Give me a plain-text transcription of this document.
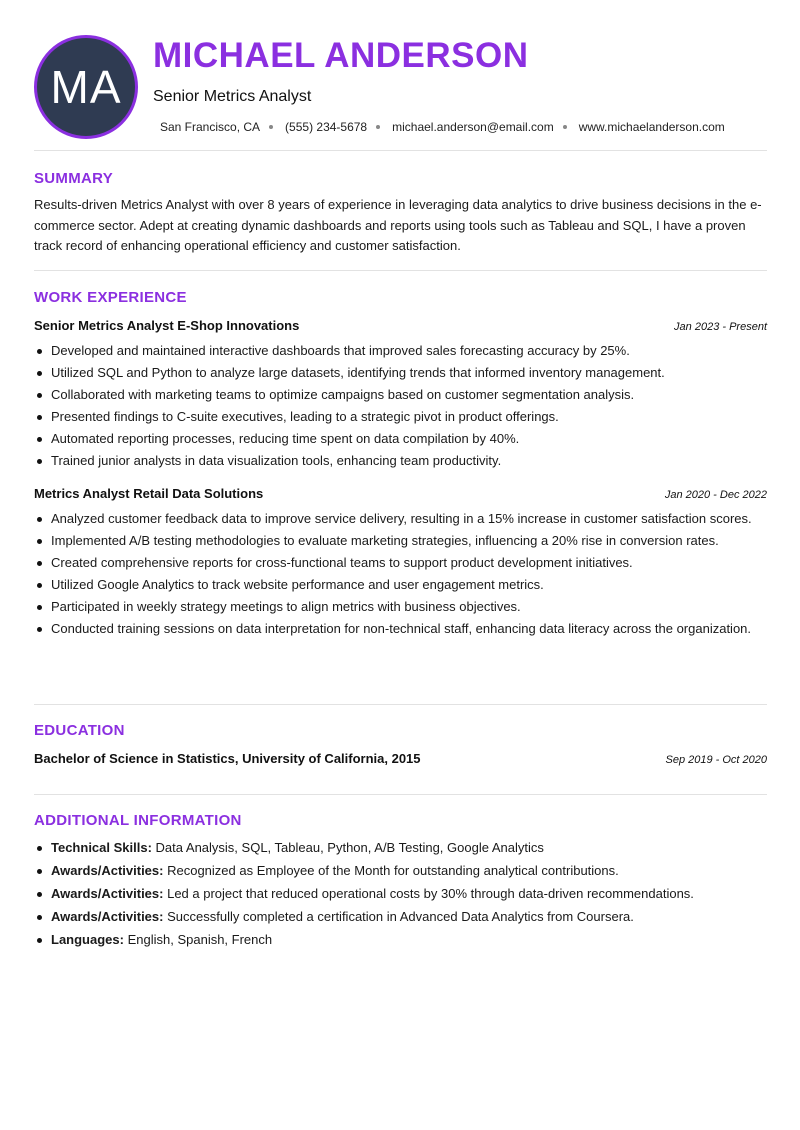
MA
MICHAEL ANDERSON
Senior Metrics Analyst
San Francisco, CA (555) 234-5678 michael.anderson@email.com www.michaelanderson.com
SUMMARY
Results-driven Metrics Analyst with over 8 years of experience in leveraging data analytics to drive business decisions in the e-commerce sector. Adept at creating dynamic dashboards and reports using tools such as Tableau and SQL, I have a proven track record of enhancing operational efficiency and customer satisfaction.
WORK EXPERIENCE
Senior Metrics Analyst E-Shop Innovations	Jan 2023 - Present
Developed and maintained interactive dashboards that improved sales forecasting accuracy by 25%.
Utilized SQL and Python to analyze large datasets, identifying trends that informed inventory management.
Collaborated with marketing teams to optimize campaigns based on customer segmentation analysis.
Presented findings to C-suite executives, leading to a strategic pivot in product offerings.
Automated reporting processes, reducing time spent on data compilation by 40%.
Trained junior analysts in data visualization tools, enhancing team productivity.
Metrics Analyst Retail Data Solutions	Jan 2020 - Dec 2022
Analyzed customer feedback data to improve service delivery, resulting in a 15% increase in customer satisfaction scores.
Implemented A/B testing methodologies to evaluate marketing strategies, influencing a 20% rise in conversion rates.
Created comprehensive reports for cross-functional teams to support product development initiatives.
Utilized Google Analytics to track website performance and user engagement metrics.
Participated in weekly strategy meetings to align metrics with business objectives.
Conducted training sessions on data interpretation for non-technical staff, enhancing data literacy across the organization.
EDUCATION
Bachelor of Science in Statistics, University of California, 2015	Sep 2019 - Oct 2020
ADDITIONAL INFORMATION
Technical Skills: Data Analysis, SQL, Tableau, Python, A/B Testing, Google Analytics
Awards/Activities: Recognized as Employee of the Month for outstanding analytical contributions.
Awards/Activities: Led a project that reduced operational costs by 30% through data-driven recommendations.
Awards/Activities: Successfully completed a certification in Advanced Data Analytics from Coursera.
Languages: English, Spanish, French
